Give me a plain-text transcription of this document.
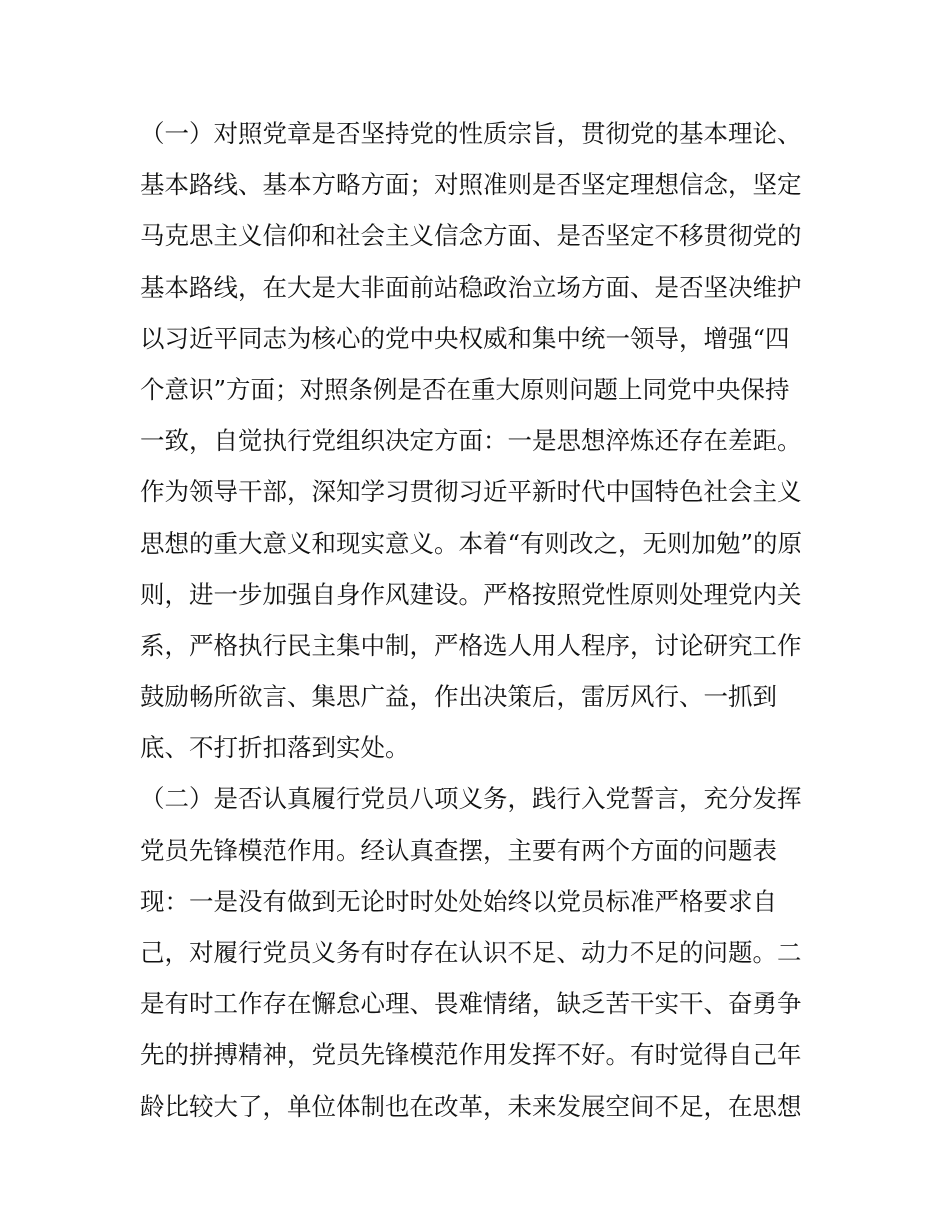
（一）对照党章是否坚持党的性质宗旨，贯彻党的基本理论、
基本路线、基本方略方面；对照准则是否坚定理想信念，坚定
马克思主义信仰和社会主义信念方面、是否坚定不移贯彻党的
基本路线，在大是大非面前站稳政治立场方面、是否坚决维护
以习近平同志为核心的党中央权威和集中统一领导，增强“四
个意识”方面；对照条例是否在重大原则问题上同党中央保持
一致，自觉执行党组织决定方面：一是思想淬炼还存在差距。
作为领导干部，深知学习贯彻习近平新时代中国特色社会主义
思想的重大意义和现实意义。本着“有则改之，无则加勉”的原
则，进一步加强自身作风建设。严格按照党性原则处理党内关
系，严格执行民主集中制，严格选人用人程序，讨论研究工作
鼓励畅所欲言、集思广益，作出决策后，雷厉风行、一抓到
底、不打折扣落到实处。
（二）是否认真履行党员八项义务，践行入党誓言，充分发挥
党员先锋模范作用。经认真查摆，主要有两个方面的问题表
现：一是没有做到无论时时处处始终以党员标准严格要求自
己，对履行党员义务有时存在认识不足、动力不足的问题。二
是有时工作存在懈怠心理、畏难情绪，缺乏苦干实干、奋勇争
先的拼搏精神，党员先锋模范作用发挥不好。有时觉得自己年
龄比较大了，单位体制也在改革，未来发展空间不足，在思想
